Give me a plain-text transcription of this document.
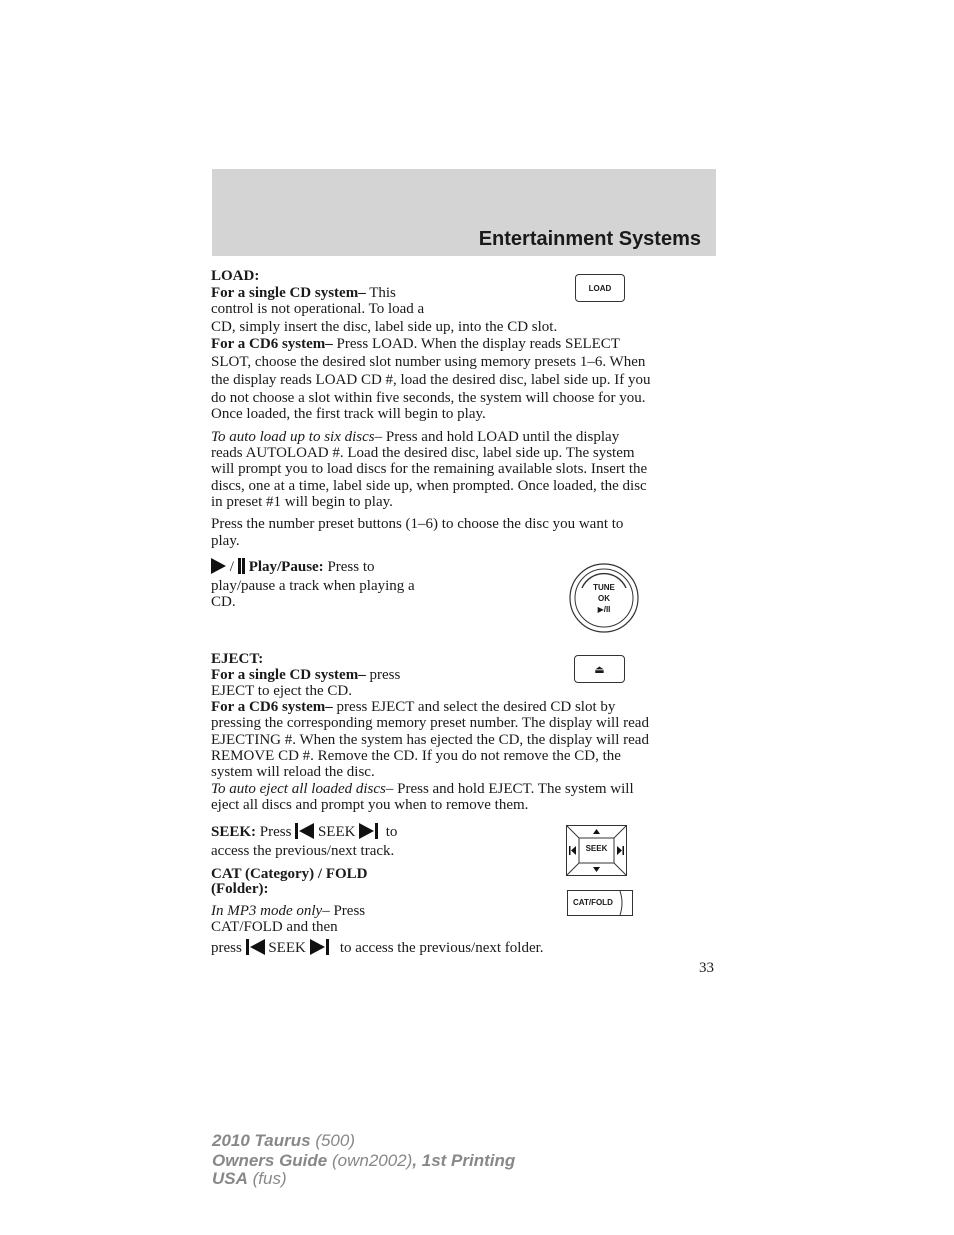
Entertainment Systems
LOAD:
For a single CD system– This
control is not operational. To load a
CD, simply insert the disc, label side up, into the CD slot.
For a CD6 system– Press LOAD. When the display reads SELECT
SLOT, choose the desired slot number using memory presets 1–6. When
the display reads LOAD CD #, load the desired disc, label side up. If you
do not choose a slot within five seconds, the system will choose for you.
Once loaded, the first track will begin to play.
LOAD
To auto load up to six discs– Press and hold LOAD until the display
reads AUTOLOAD #. Load the desired disc, label side up. The system
will prompt you to load discs for the remaining available slots. Insert the
discs, one at a time, label side up, when prompted. Once loaded, the disc
in preset #1 will begin to play.
Press the number preset buttons (1–6) to choose the disc you want to
play.
/   Play/Pause: Press to
play/pause a track when playing a
CD.
TUNE
OK
▶/II
EJECT:
For a single CD system– press
EJECT to eject the CD.
For a CD6 system– press EJECT and select the desired CD slot by
pressing the corresponding memory preset number. The display will read
EJECTING #. When the system has ejected the CD, the display will read
REMOVE CD #. Remove the CD. If you do not remove the CD, the
system will reload the disc.
To auto eject all loaded discs– Press and hold EJECT. The system will
eject all discs and prompt you when to remove them.
⏏
SEEK: Press SEEK to
access the previous/next track.	SEEK
CAT (Category) / FOLD
(Folder):
In MP3 mode only– Press
CAT/FOLD and then
press SEEK to access the previous/next folder.
CAT/FOLD
33
2010 Taurus (500)
Owners Guide (own2002), 1st Printing
USA (fus)
